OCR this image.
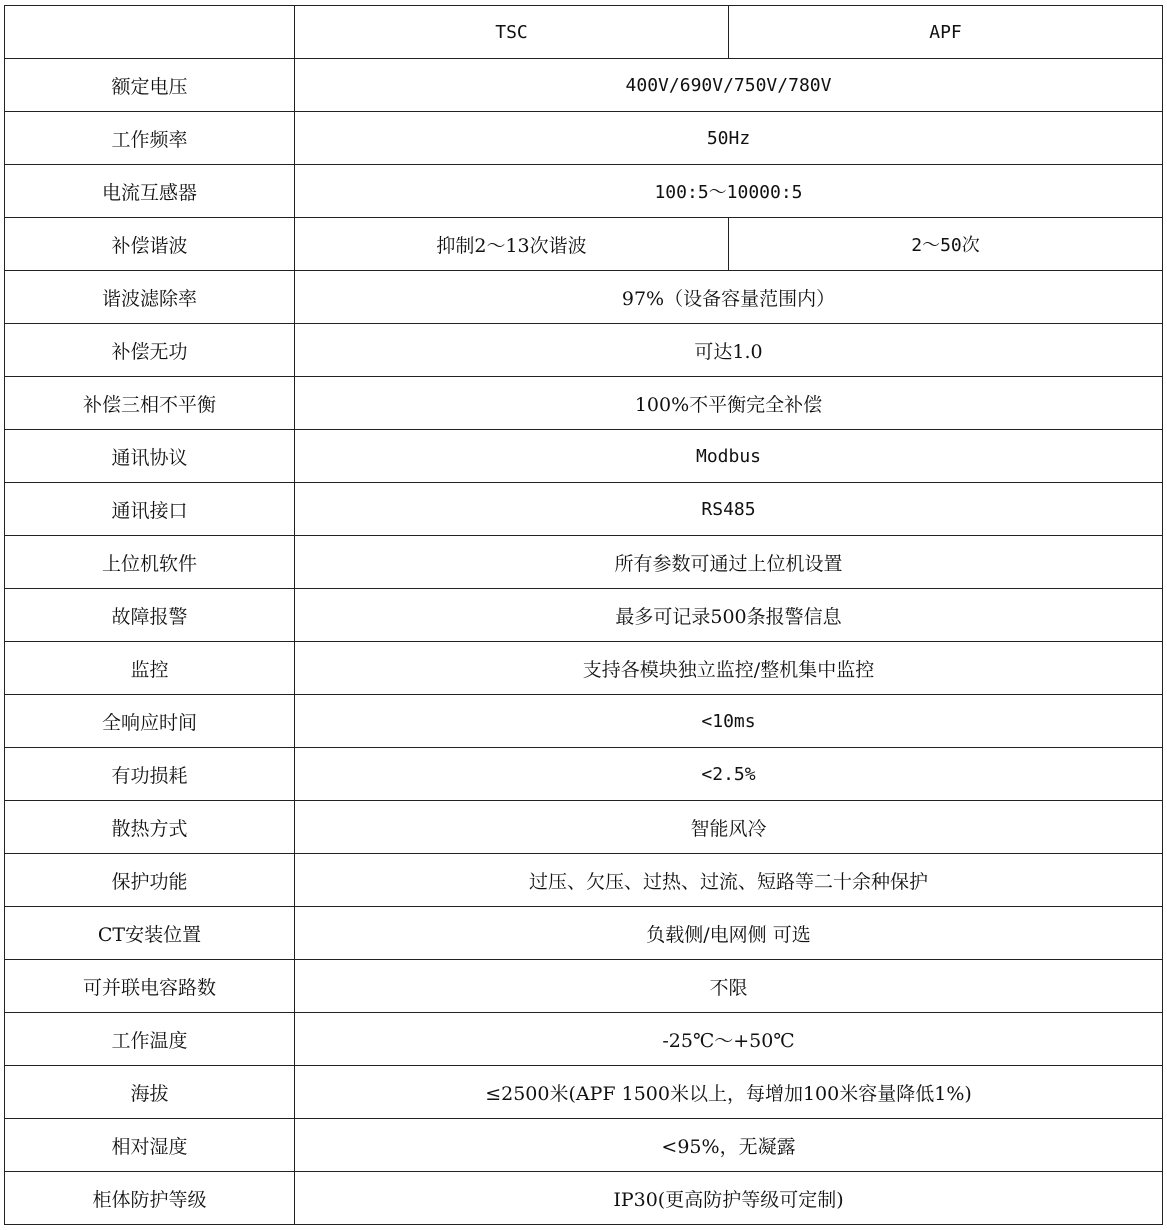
	TSC	APF
额定电压	400V/690V/750V/780V	
工作频率	50Hz	
电流互感器	100:5～10000:5	
补偿谐波	抑制2～13次谐波	2～50次
谐波滤除率	97%（设备容量范围内）	
补偿无功	可达1.0	
补偿三相不平衡	100%不平衡完全补偿	
通讯协议	Modbus	
通讯接口	RS485	
上位机软件	所有参数可通过上位机设置	
故障报警	最多可记录500条报警信息	
监控	支持各模块独立监控/整机集中监控	
全响应时间	<10ms	
有功损耗	<2.5%	
散热方式	智能风冷	
保护功能	过压、欠压、过热、过流、短路等二十余种保护	
CT安装位置	负载侧/电网侧 可选	
可并联电容路数	不限	
工作温度	-25℃～+50℃	
海拔	≤2500米(APF 1500米以上，每增加100米容量降低1%)	
相对湿度	<95%，无凝露	
柜体防护等级	IP30(更高防护等级可定制)	
